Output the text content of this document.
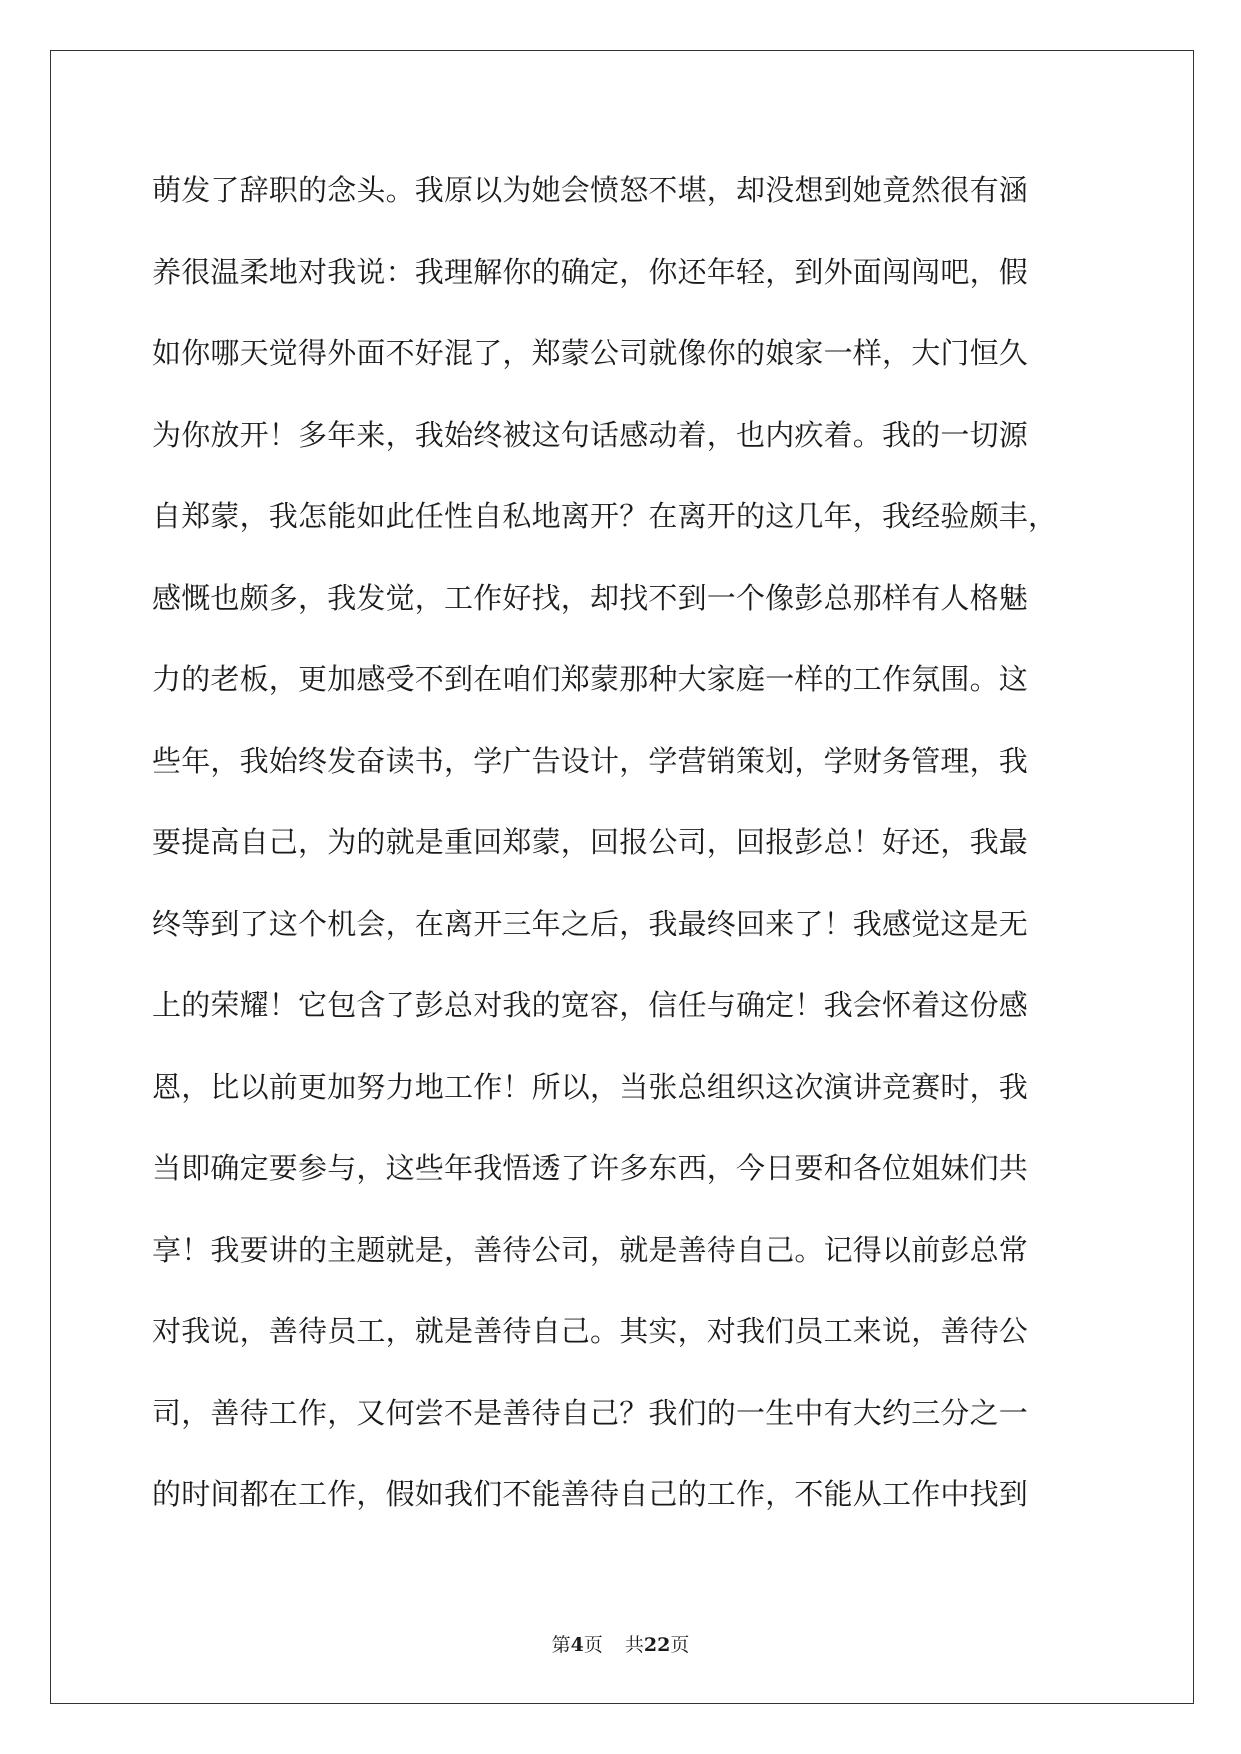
萌发了辞职的念头。我原以为她会愤怒不堪，却没想到她竟然很有涵
养很温柔地对我说：我理解你的确定，你还年轻，到外面闯闯吧，假
如你哪天觉得外面不好混了，郑蒙公司就像你的娘家一样，大门恒久
为你放开！多年来，我始终被这句话感动着，也内疚着。我的一切源
自郑蒙，我怎能如此任性自私地离开？在离开的这几年，我经验颇丰，
感慨也颇多，我发觉，工作好找，却找不到一个像彭总那样有人格魅
力的老板，更加感受不到在咱们郑蒙那种大家庭一样的工作氛围。这
些年，我始终发奋读书，学广告设计，学营销策划，学财务管理，我
要提高自己，为的就是重回郑蒙，回报公司，回报彭总！好还，我最
终等到了这个机会，在离开三年之后，我最终回来了！我感觉这是无
上的荣耀！它包含了彭总对我的宽容，信任与确定！我会怀着这份感
恩，比以前更加努力地工作！所以，当张总组织这次演讲竞赛时，我
当即确定要参与，这些年我悟透了许多东西，今日要和各位姐妹们共
享！我要讲的主题就是，善待公司，就是善待自己。记得以前彭总常
对我说，善待员工，就是善待自己。其实，对我们员工来说，善待公
司，善待工作，又何尝不是善待自己？我们的一生中有大约三分之一
的时间都在工作，假如我们不能善待自己的工作，不能从工作中找到
第4页 共22页
